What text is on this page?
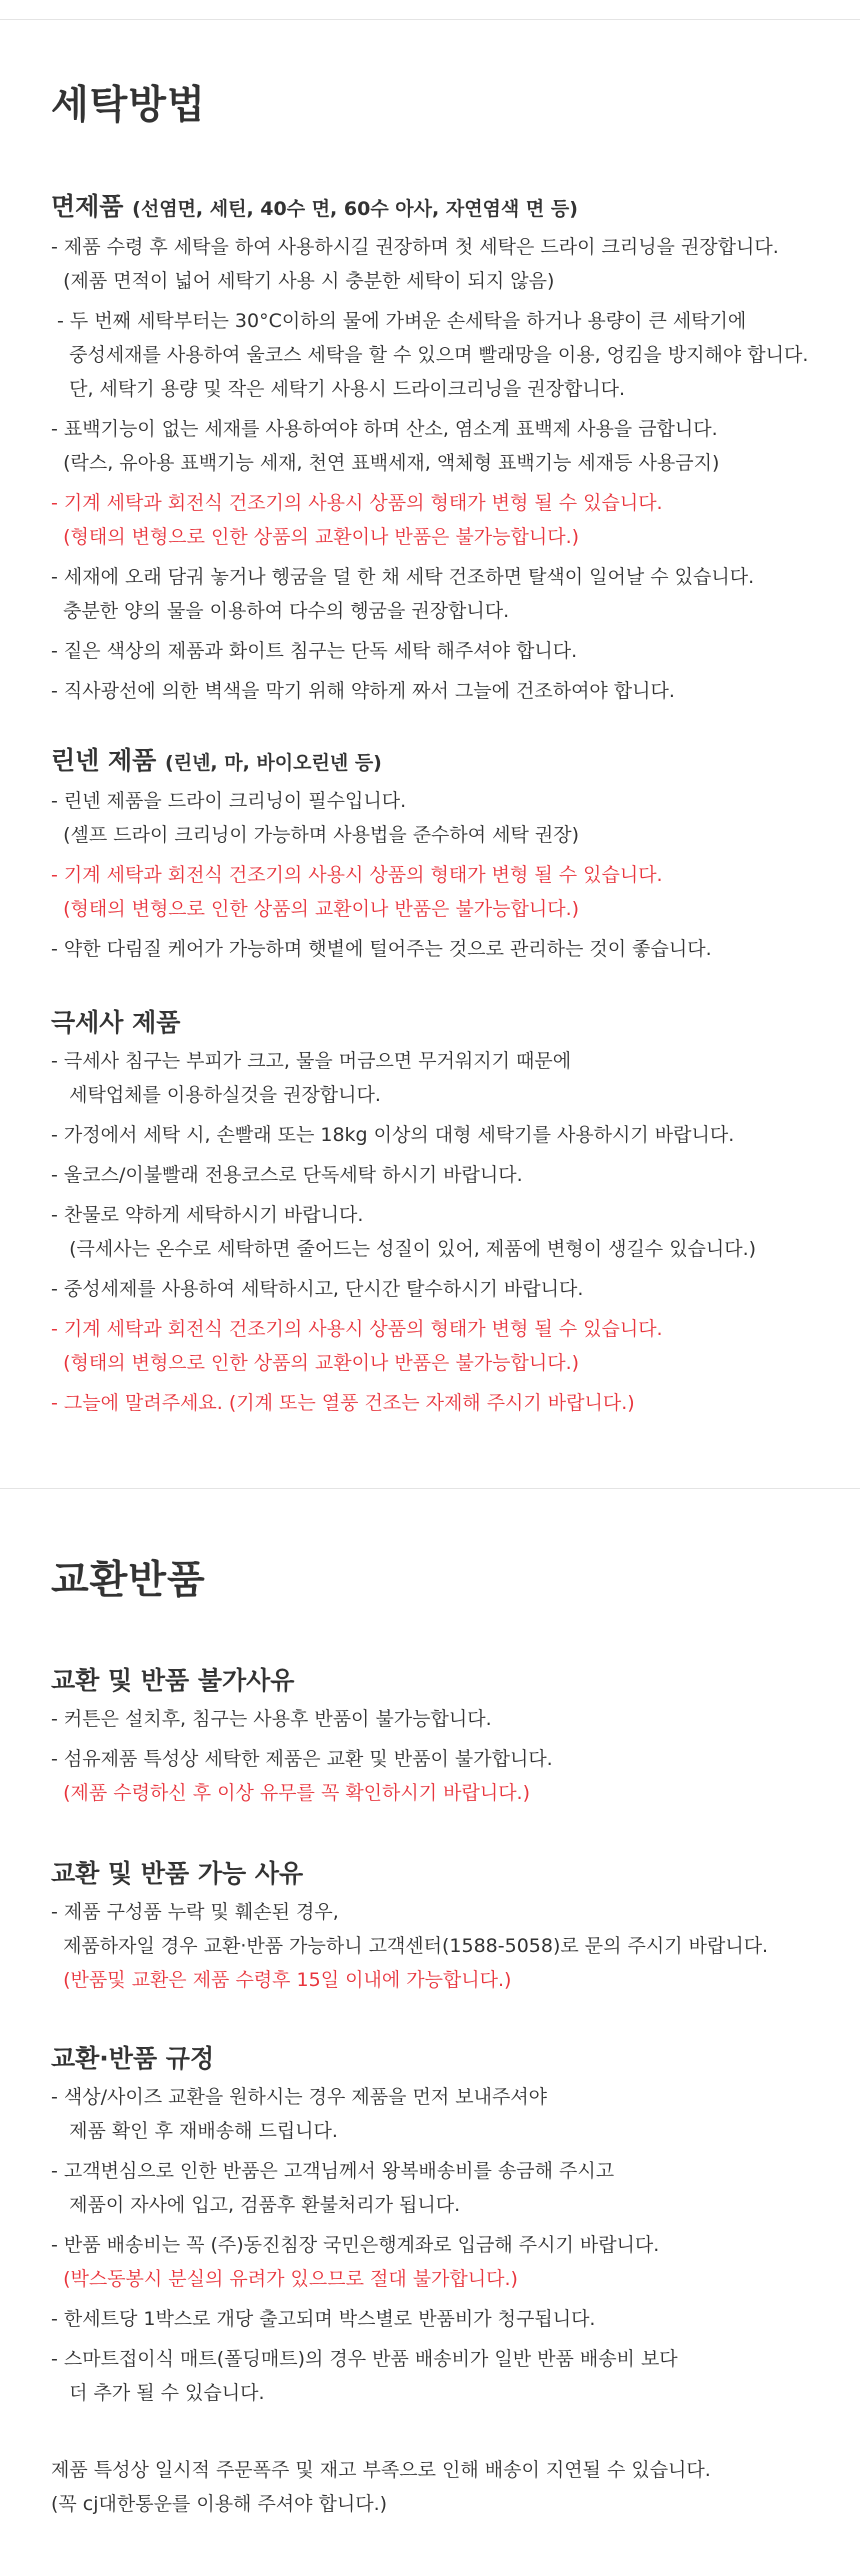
세탁방법
면제품 (선염면, 세틴, 40수 면, 60수 아사, 자연염색 면 등)

- 제품 수령 후 세탁을 하여 사용하시길 권장하며 첫 세탁은 드라이 크리닝을 권장합니다.
(제품 면적이 넓어 세탁기 사용 시 충분한 세탁이 되지 않음)

- 두 번째 세탁부터는 30°C이하의 물에 가벼운 손세탁을 하거나 용량이 큰 세탁기에
중성세재를 사용하여 울코스 세탁을 할 수 있으며 빨래망을 이용, 엉킴을 방지해야 합니다.
단, 세탁기 용량 및 작은 세탁기 사용시 드라이크리닝을 권장합니다.

- 표백기능이 없는 세재를 사용하여야 하며 산소, 염소계 표백제 사용을 금합니다.
(락스, 유아용 표백기능 세재, 천연 표백세재, 액체형 표백기능 세재등 사용금지)

- 기계 세탁과 회전식 건조기의 사용시 상품의 형태가 변형 될 수 있습니다.
(형태의 변형으로 인한 상품의 교환이나 반품은 불가능합니다.)

- 세재에 오래 담궈 놓거나 헹굼을 덜 한 채 세탁 건조하면 탈색이 일어날 수 있습니다.
충분한 양의 물을 이용하여 다수의 헹굼을 권장합니다.

- 짙은 색상의 제품과 화이트 침구는 단독 세탁 해주셔야 합니다.

- 직사광선에 의한 벽색을 막기 위해 약하게 짜서 그늘에 건조하여야 합니다.

린넨 제품 (린넨, 마, 바이오린넨 등)

- 린넨 제품을 드라이 크리닝이 필수입니다.
(셀프 드라이 크리닝이 가능하며 사용법을 준수하여 세탁 권장)

- 기계 세탁과 회전식 건조기의 사용시 상품의 형태가 변형 될 수 있습니다.
(형태의 변형으로 인한 상품의 교환이나 반품은 불가능합니다.)

- 약한 다림질 케어가 가능하며 햇볕에 털어주는 것으로 관리하는 것이 좋습니다.

극세사 제품

- 극세사 침구는 부피가 크고, 물을 머금으면 무거워지기 때문에
세탁업체를 이용하실것을 권장합니다.

- 가정에서 세탁 시, 손빨래 또는 18kg 이상의 대형 세탁기를 사용하시기 바랍니다.

- 울코스/이불빨래 전용코스로 단독세탁 하시기 바랍니다.

- 찬물로 약하게 세탁하시기 바랍니다.
(극세사는 온수로 세탁하면 줄어드는 성질이 있어, 제품에 변형이 생길수 있습니다.)

- 중성세제를 사용하여 세탁하시고, 단시간 탈수하시기 바랍니다.

- 기계 세탁과 회전식 건조기의 사용시 상품의 형태가 변형 될 수 있습니다.
(형태의 변형으로 인한 상품의 교환이나 반품은 불가능합니다.)

- 그늘에 말려주세요. (기계 또는 열풍 건조는 자제해 주시기 바랍니다.)

교환반품
교환 및 반품 불가사유

- 커튼은 설치후, 침구는 사용후 반품이 불가능합니다.

- 섬유제품 특성상 세탁한 제품은 교환 및 반품이 불가합니다.

(제품 수령하신 후 이상 유무를 꼭 확인하시기 바랍니다.)

교환 및 반품 가능 사유

- 제품 구성품 누락 및 훼손된 경우,
제품하자일 경우 교환·반품 가능하니 고객센터(1588-5058)로 문의 주시기 바랍니다.

(반품및 교환은 제품 수령후 15일 이내에 가능합니다.)

교환·반품 규정

- 색상/사이즈 교환을 원하시는 경우 제품을 먼저 보내주셔야
제품 확인 후 재배송해 드립니다.

- 고객변심으로 인한 반품은 고객님께서 왕복배송비를 송금해 주시고
제품이 자사에 입고, 검품후 환불처리가 됩니다.

- 반품 배송비는 꼭 (주)동진침장 국민은행계좌로 입금해 주시기 바랍니다.

(박스동봉시 분실의 유려가 있으므로 절대 불가합니다.)

- 한세트당 1박스로 개당 출고되며 박스별로 반품비가 청구됩니다.

- 스마트접이식 매트(폴딩매트)의 경우 반품 배송비가 일반 반품 배송비 보다
더 추가 될 수 있습니다.

제품 특성상 일시적 주문폭주 및 재고 부족으로 인해 배송이 지연될 수 있습니다.

(꼭 cj대한통운를 이용해 주셔야 합니다.)
